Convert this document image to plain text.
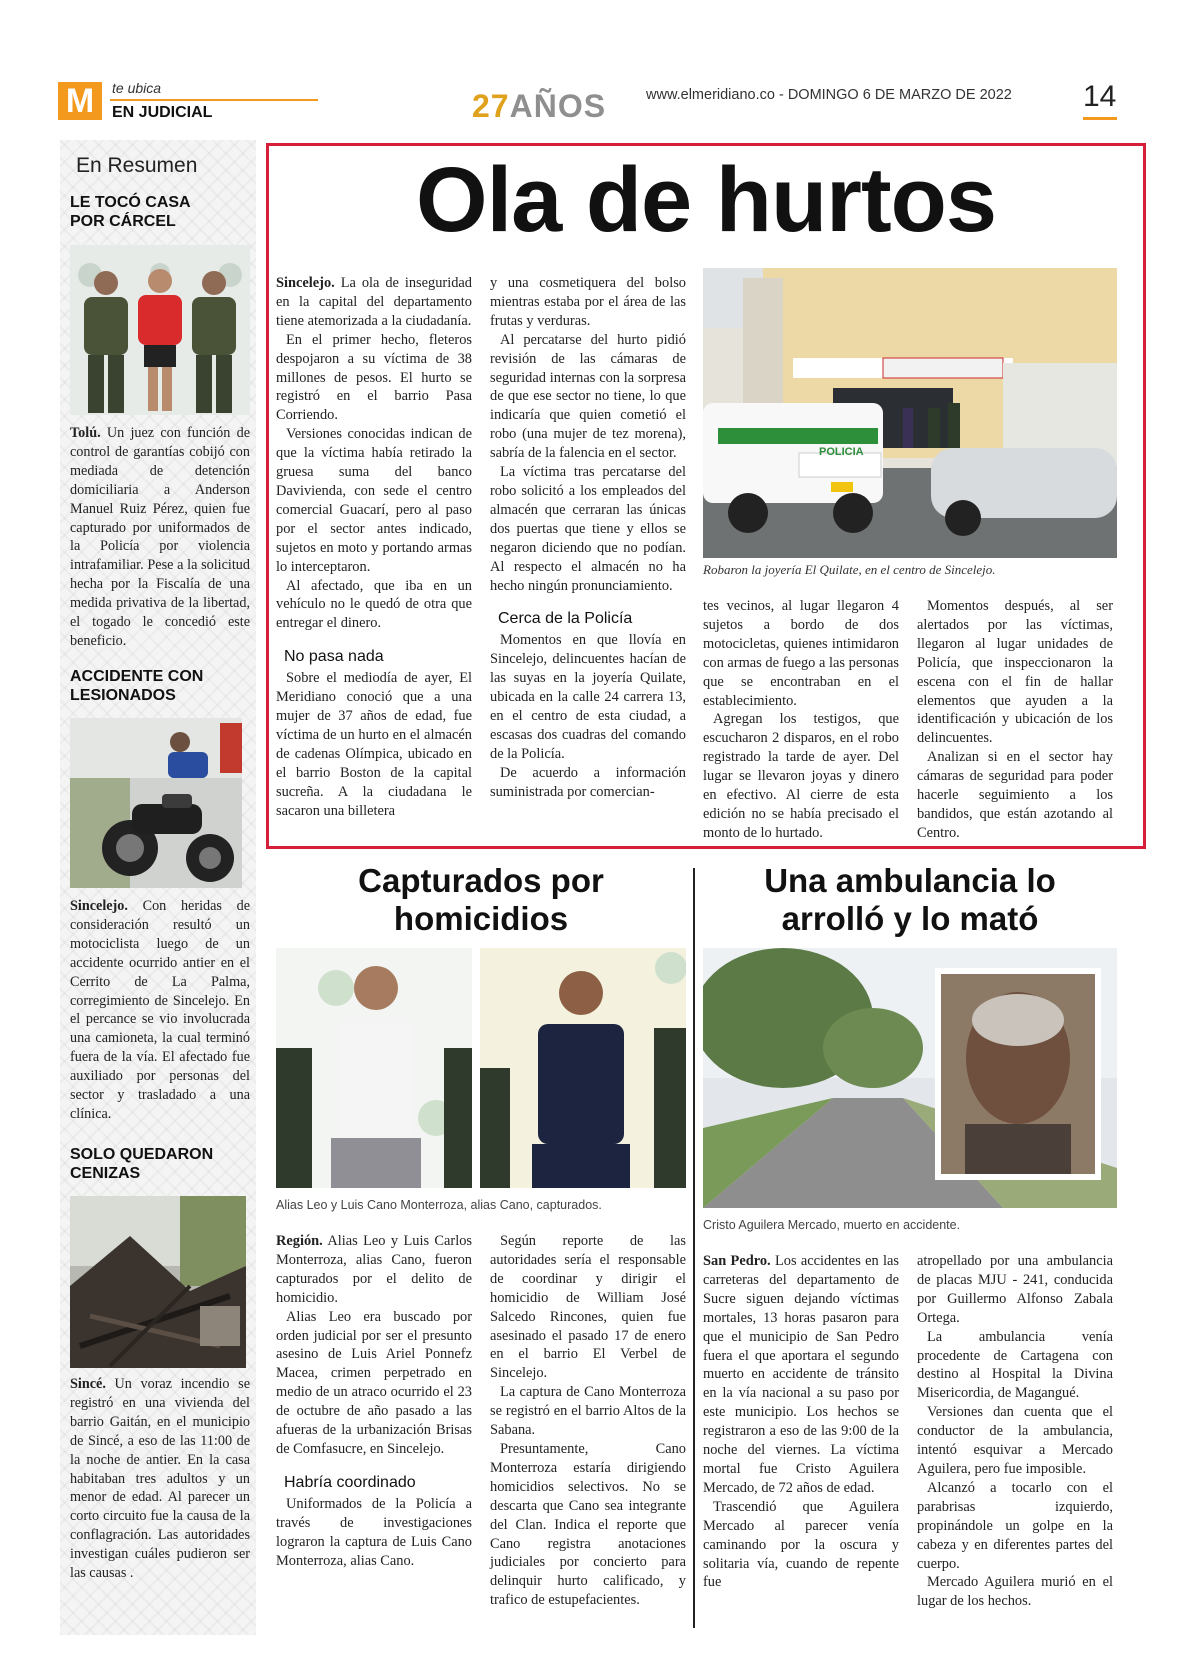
M	te ubica
EN JUDICIAL	27AÑOS	www.elmeridiano.co - DOMINGO 6 DE MARZO DE 2022 14
En Resumen
LE TOCÓ CASA
POR CÁRCEL
Tolú. Un juez con función de control de garantías cobijó con mediada de detención domiciliaria a Anderson Manuel Ruiz Pérez, quien fue capturado por uniformados de la Policía por violencia intrafamiliar. Pese a la solicitud hecha por la Fiscalía de una medida privativa de la libertad, el togado le concedió este beneficio.
ACCIDENTE CON
LESIONADOS
Sincelejo. Con heridas de consideración resultó un motociclista luego de un accidente ocurrido antier en el Cerrito de La Palma, corregimiento de Sincelejo. En el percance se vio involucrada una camioneta, la cual terminó fuera de la vía. El afectado fue auxiliado por personas del sector y trasladado a una clínica.
SOLO QUEDARON
CENIZAS
Sincé. Un voraz incendio se registró en una vivienda del barrio Gaitán, en el municipio de Sincé, a eso de las 11:00 de la noche de antier. En la casa habitaban tres adultos y un menor de edad. Al parecer un corto circuito fue la causa de la conflagración. Las autoridades investigan cuáles pudieron ser las causas .
Ola de hurtos
POLICIA
Robaron la joyería El Quilate, en el centro de Sincelejo.

Sincelejo. La ola de inseguridad en la capital del departamento tiene atemorizada a la ciudadanía.

En el primer hecho, fleteros despojaron a su víctima de 38 millones de pesos. El hurto se registró en el barrio Pasa Corriendo.

Versiones conocidas indican de que la víctima había retirado la gruesa suma del banco Davivienda, con sede el centro comercial Guacarí, pero al paso por el sector antes indicado, sujetos en moto y portando armas lo interceptaron.

Al afectado, que iba en un vehículo no le quedó de otra que entregar el dinero.

No pasa nada

Sobre el mediodía de ayer, El Meridiano conoció que a una mujer de 37 años de edad, fue víctima de un hurto en el almacén de cadenas Olímpica, ubicado en el barrio Boston de la capital sucreña. A la ciudadana le sacaron una billetera

y una cosmetiquera del bolso mientras estaba por el área de las frutas y verduras.

Al percatarse del hurto pidió revisión de las cámaras de seguridad internas con la sorpresa de que ese sector no tiene, lo que indicaría que quien cometió el robo (una mujer de tez morena), sabría de la falencia en el sector.

La víctima tras percatarse del robo solicitó a los empleados del almacén que cerraran las únicas dos puertas que tiene y ellos se negaron diciendo que no podían. Al respecto el almacén no ha hecho ningún pronunciamiento.

Cerca de la Policía

Momentos en que llovía en Sincelejo, delincuentes hacían de las suyas en la joyería Quilate, ubicada en la calle 24 carrera 13, en el centro de esta ciudad, a escasas dos cuadras del comando de la Policía.

De acuerdo a información suministrada por comercian-

tes vecinos, al lugar llegaron 4 sujetos a bordo de dos motocicletas, quienes intimidaron con armas de fuego a las personas que se encontraban en el establecimiento.

Agregan los testigos, que escucharon 2 disparos, en el robo registrado la tarde de ayer. Del lugar se llevaron joyas y dinero en efectivo. Al cierre de esta edición no se había precisado el monto de lo hurtado.

Momentos después, al ser alertados por las víctimas, llegaron al lugar unidades de Policía, que inspeccionaron la escena con el fin de hallar elementos que ayuden a la identificación y ubicación de los delincuentes.

Analizan si en el sector hay cámaras de seguridad para poder hacerle seguimiento a los bandidos, que están azotando al Centro.

Capturados por
homicidios
Alias Leo y Luis Cano Monterroza, alias Cano, capturados.

Región. Alias Leo y Luis Carlos Monterroza, alias Cano, fueron capturados por el delito de homicidio.

Alias Leo era buscado por orden judicial por ser el presunto asesino de Luis Ariel Ponnefz Macea, crimen perpetrado en medio de un atraco ocurrido el 23 de octubre de año pasado a las afueras de la urbanización Brisas de Comfasucre, en Sincelejo.

Habría coordinado

Uniformados de la Policía a través de investigaciones lograron la captura de Luis Cano Monterroza, alias Cano.

Según reporte de las autoridades sería el responsable de coordinar y dirigir el homicidio de William José Salcedo Rincones, quien fue asesinado el pasado 17 de enero en el barrio El Verbel de Sincelejo.

La captura de Cano Monterroza se registró en el barrio Altos de la Sabana.

Presuntamente, Cano Monterroza estaría dirigiendo homicidios selectivos. No se descarta que Cano sea integrante del Clan. Indica el reporte que Cano registra anotaciones judiciales por concierto para delinquir hurto calificado, y trafico de estupefacientes.

Una ambulancia lo
arrolló y lo mató
Cristo Aguilera Mercado, muerto en accidente.

San Pedro. Los accidentes en las carreteras del departamento de Sucre siguen dejando víctimas mortales, 13 horas pasaron para que el municipio de San Pedro fuera el que aportara el segundo muerto en accidente de tránsito en la vía nacional a su paso por este municipio. Los hechos se registraron a eso de las 9:00 de la noche del viernes. La víctima mortal fue Cristo Aguilera Mercado, de 72 años de edad.

Trascendió que Aguilera Mercado al parecer venía caminando por la oscura y solitaria vía, cuando de repente fue

atropellado por una ambulancia de placas MJU - 241, conducida por Guillermo Alfonso Zabala Ortega.

La ambulancia venía procedente de Cartagena con destino al Hospital la Divina Misericordia, de Magangué.

Versiones dan cuenta que el conductor de la ambulancia, intentó esquivar a Mercado Aguilera, pero fue imposible.

Alcanzó a tocarlo con el parabrisas izquierdo, propinándole un golpe en la cabeza y en diferentes partes del cuerpo.

Mercado Aguilera murió en el lugar de los hechos.
